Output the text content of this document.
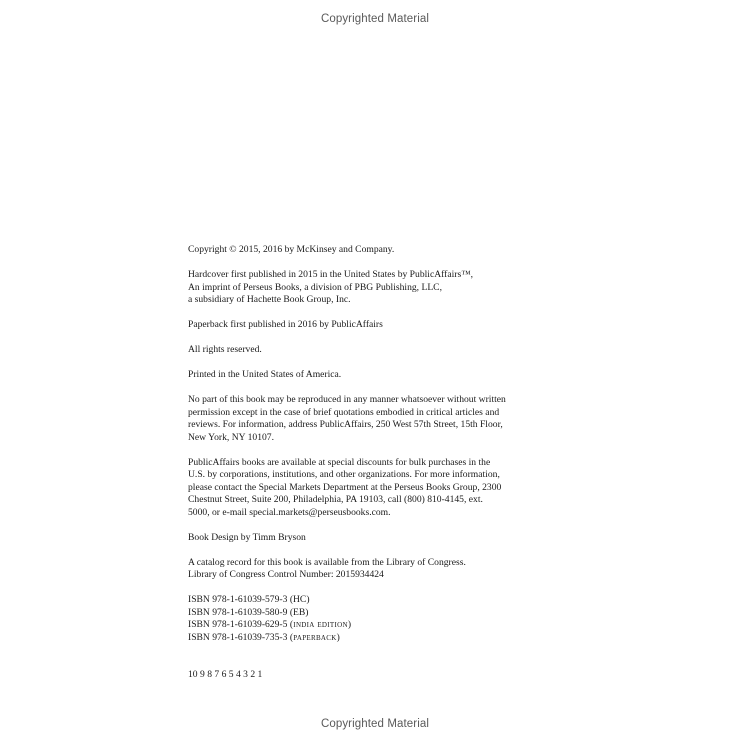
Copyrighted Material

Copyright © 2015, 2016 by McKinsey and Company.

Hardcover first published in 2015 in the United States by PublicAffairs™,
An imprint of Perseus Books, a division of PBG Publishing, LLC,
a subsidiary of Hachette Book Group, Inc.

Paperback first published in 2016 by PublicAffairs

All rights reserved.

Printed in the United States of America.

No part of this book may be reproduced in any manner whatsoever without written
permission except in the case of brief quotations embodied in critical articles and
reviews. For information, address PublicAffairs, 250 West 57th Street, 15th Floor,
New York, NY 10107.

PublicAffairs books are available at special discounts for bulk purchases in the
U.S. by corporations, institutions, and other organizations. For more information,
please contact the Special Markets Department at the Perseus Books Group, 2300
Chestnut Street, Suite 200, Philadelphia, PA 19103, call (800) 810-4145, ext.
5000, or e-mail special.markets@perseusbooks.com.

Book Design by Timm Bryson

A catalog record for this book is available from the Library of Congress.
Library of Congress Control Number: 2015934424

ISBN 978-1-61039-579-3 (HC)
ISBN 978-1-61039-580-9 (EB)
ISBN 978-1-61039-629-5 (india edition)
ISBN 978-1-61039-735-3 (paperback)

10 9 8 7 6 5 4 3 2 1

Copyrighted Material
